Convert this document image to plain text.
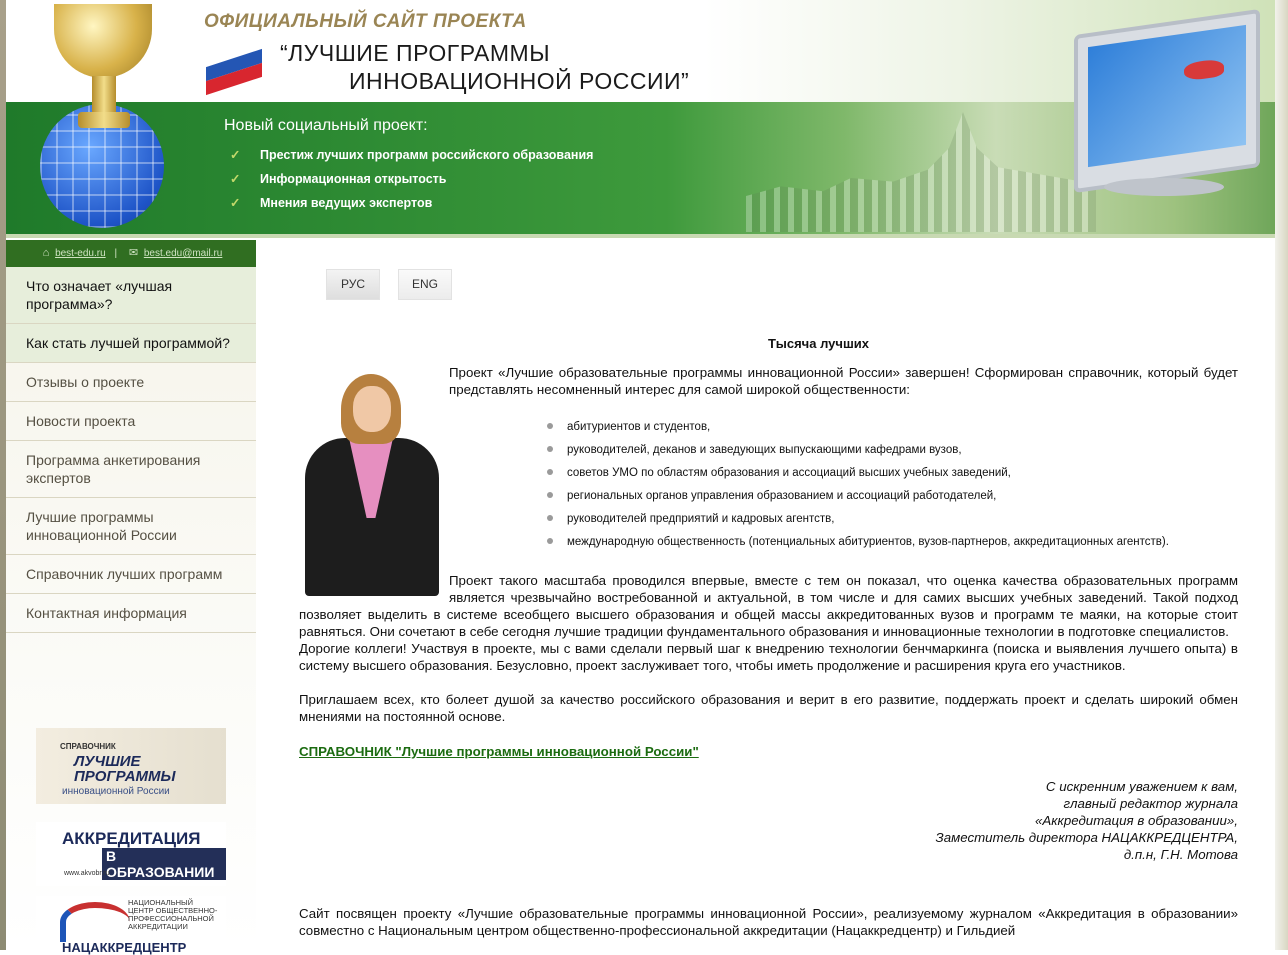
ОФИЦИАЛЬНЫЙ САЙТ ПРОЕКТА
“ЛУЧШИЕ ПРОГРАММЫ
ИННОВАЦИОННОЙ РОССИИ”
Новый социальный проект:
✓ Престиж лучших программ российского образования
✓ Информационная открытость
✓ Мнения ведущих экспертов
⌂ best-edu.ru | ✉ best.edu@mail.ru
Что означает «лучшая программа»?
Как стать лучшей программой?
Отзывы о проекте
Новости проекта
Программа анкетирования экспертов
Лучшие программы инновационной России
Справочник лучших программ
Контактная информация
СПРАВОЧНИК
ЛУЧШИЕ ПРОГРАММЫ
инновационной России
АККРЕДИТАЦИЯ
В ОБРАЗОВАНИИ
www.akvobr.ru
НАЦИОНАЛЬНЫЙ ЦЕНТР ОБЩЕСТВЕННО-ПРОФЕССИОНАЛЬНОЙ АККРЕДИТАЦИИ
НАЦАККРЕДЦЕНТР
РУС	ENG
Тысяча лучших

Проект «Лучшие образовательные программы инновационной России» завершен! Сформирован справочник, который будет представлять несомненный интерес для самой широкой общественности:

абитуриентов и студентов,
руководителей, деканов и заведующих выпускающими кафедрами вузов,
советов УМО по областям образования и ассоциаций высших учебных заведений,
региональных органов управления образованием и ассоциаций работодателей,
руководителей предприятий и кадровых агентств,
международную общественность (потенциальных абитуриентов, вузов-партнеров, аккредитационных агентств).

Проект такого масштаба проводился впервые, вместе с тем он показал, что оценка качества образовательных программ является чрезвычайно востребованной и актуальной, в том числе и для самих высших учебных заведений. Такой подход позволяет выделить в системе всеобщего высшего образования и общей массы аккредитованных вузов и программ те маяки, на которые стоит равняться. Они сочетают в себе сегодня лучшие традиции фундаментального образования и инновационные технологии в подготовке специалистов.

Дорогие коллеги! Участвуя в проекте, мы с вами сделали первый шаг к внедрению технологии бенчмаркинга (поиска и выявления лучшего опыта) в систему высшего образования. Безусловно, проект заслуживает того, чтобы иметь продолжение и расширения круга его участников.

Приглашаем всех, кто болеет душой за качество российского образования и верит в его развитие, поддержать проект и сделать широкий обмен мнениями на постоянной основе.

СПРАВОЧНИК "Лучшие программы инновационной России"
С искренним уважением к вам,
главный редактор журнала
«Аккредитация в образовании»,
Заместитель директора НАЦАККРЕДЦЕНТРА,
д.п.н, Г.Н. Мотова

Сайт посвящен проекту «Лучшие образовательные программы инновационной России», реализуемому журналом «Аккредитация в образовании» совместно с Национальным центром общественно-профессиональной аккредитации (Нацаккредцентр) и Гильдией
